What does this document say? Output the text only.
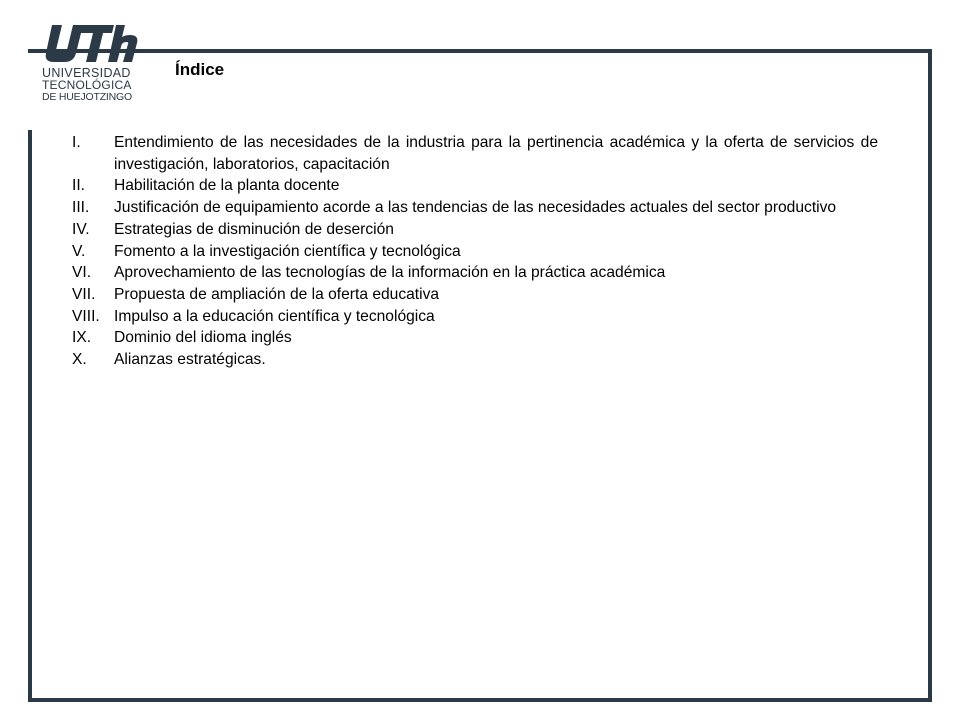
UNIVERSIDAD
TECNOLÓGICA
DE HUEJOTZINGO
Índice
I. Entendimiento de las necesidades de la industria para la pertinencia académica y la oferta de servicios de investigación, laboratorios, capacitación
II. Habilitación de la planta docente
III. Justificación de equipamiento acorde a las tendencias de las necesidades actuales del sector productivo
IV. Estrategias de disminución de deserción
V. Fomento a la investigación científica y tecnológica
VI. Aprovechamiento de las tecnologías de la información en la práctica académica
VII. Propuesta de ampliación de la oferta educativa
VIII. Impulso a la educación científica y tecnológica
IX. Dominio del idioma inglés
X. Alianzas estratégicas.
